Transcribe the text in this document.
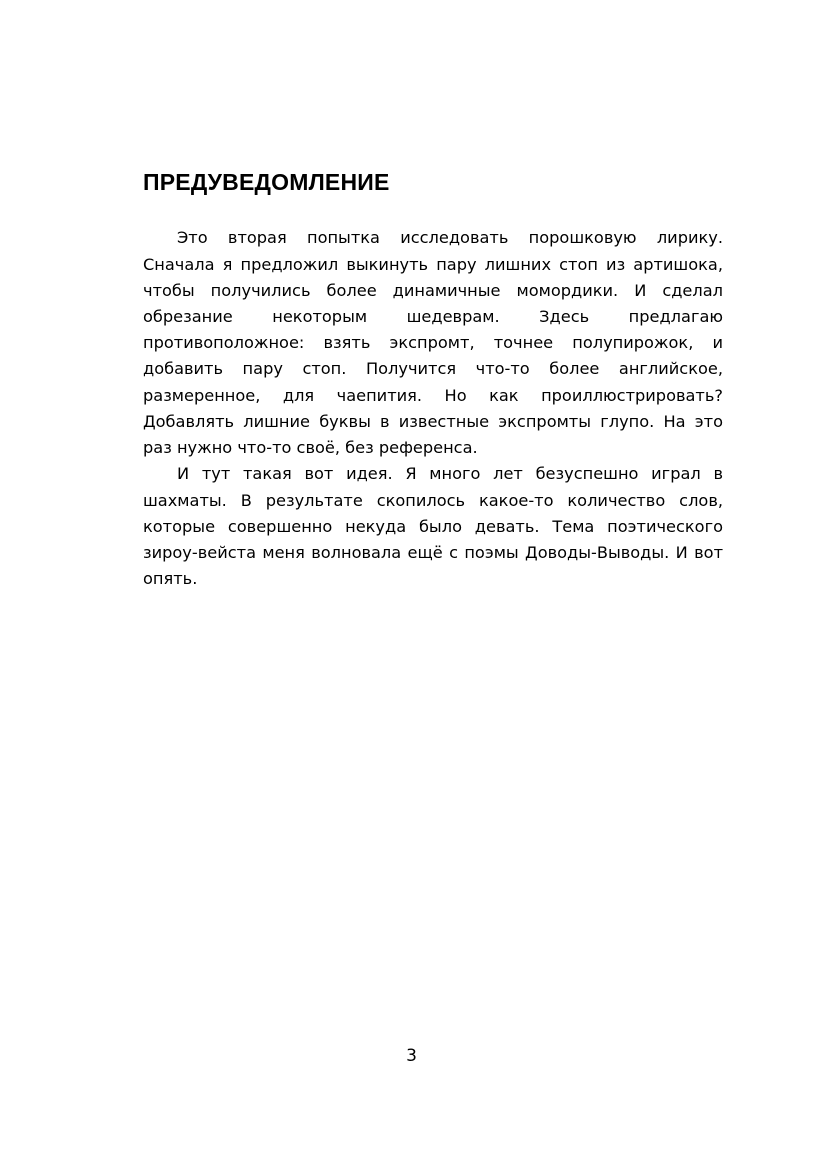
ПРЕДУВЕДОМЛЕНИЕ

Это вторая попытка исследовать порошковую лирику. Сначала я предложил выкинуть пару лишних стоп из артишока, чтобы получились более динамичные момордики. И сделал обрезание некоторым шедеврам. Здесь предлагаю противоположное: взять экспромт, точнее полупирожок, и добавить пару стоп. Получится что-то более английское, размеренное, для чаепития. Но как проиллюстрировать? Добавлять лишние буквы в известные экспромты глупо. На это раз нужно что-то своё, без референса.

И тут такая вот идея. Я много лет безуспешно играл в шахматы. В результате скопилось какое-то количество слов, которые совершенно некуда было девать. Тема поэтического зироу-вейста меня волновала ещё с поэмы Доводы-Выводы. И вот опять.

3
